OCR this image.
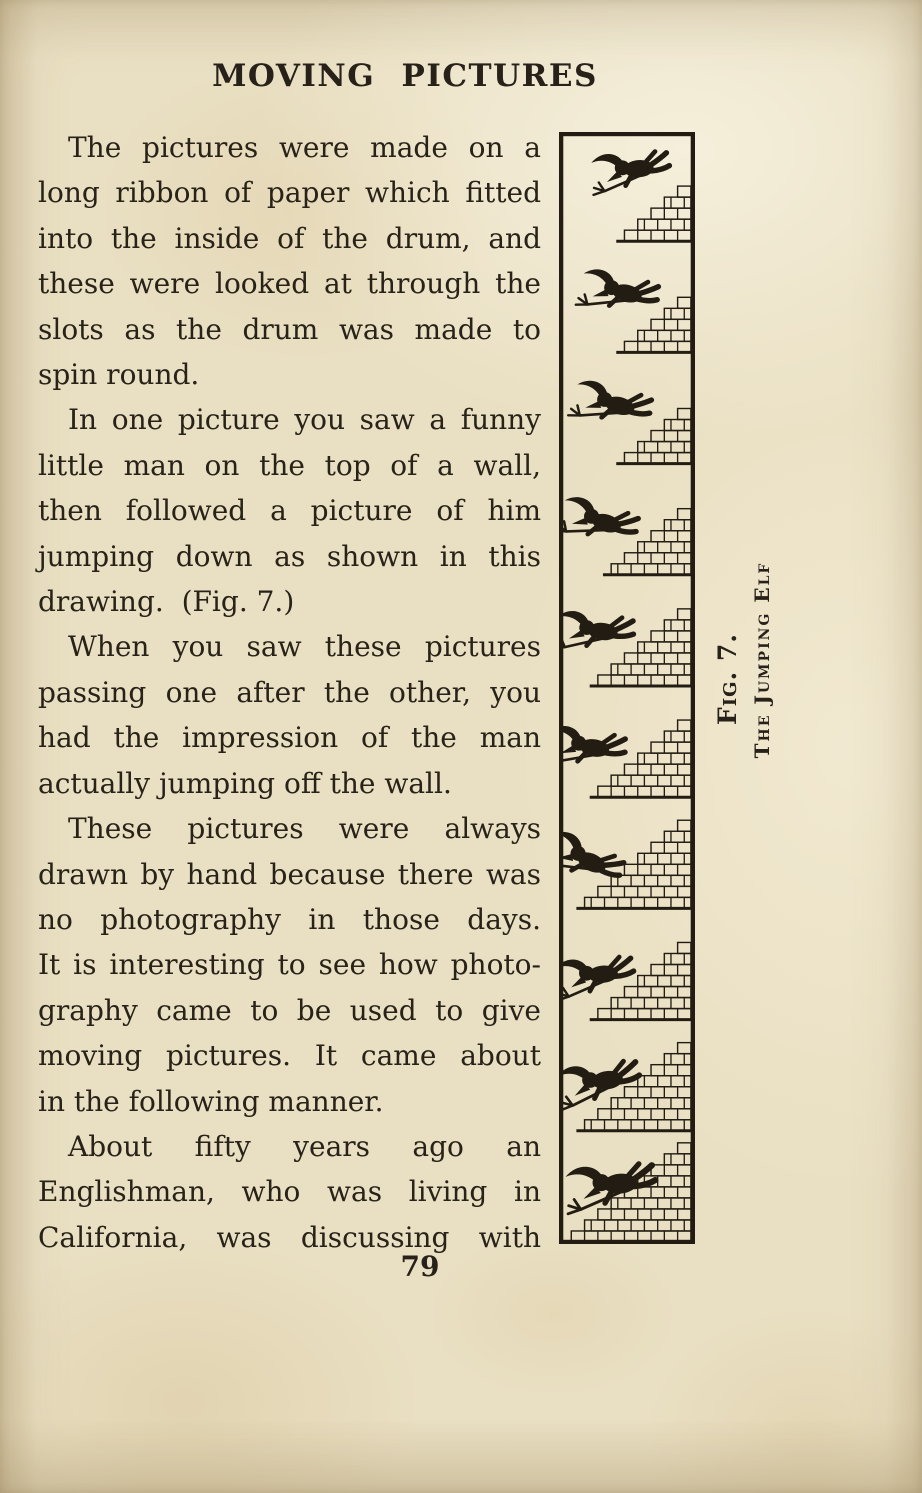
MOVING PICTURES
The pictures were made on a
long ribbon of paper which fitted
into the inside of the drum, and
these were looked at through the
slots as the drum was made to
spin round.
In one picture you saw a funny
little man on the top of a wall,
then followed a picture of him
jumping down as shown in this
drawing.  (Fig. 7.)
When you saw these pictures
passing one after the other, you
had the impression of the man
actually jumping off the wall.
These pictures were always
drawn by hand because there was
no photography in those days.
It is interesting to see how photo-
graphy came to be used to give
moving pictures. It came about
in the following manner.
About fifty years ago an
Englishman, who was living in
California, was discussing with
Fig. 7. The Jumping Elf
79
